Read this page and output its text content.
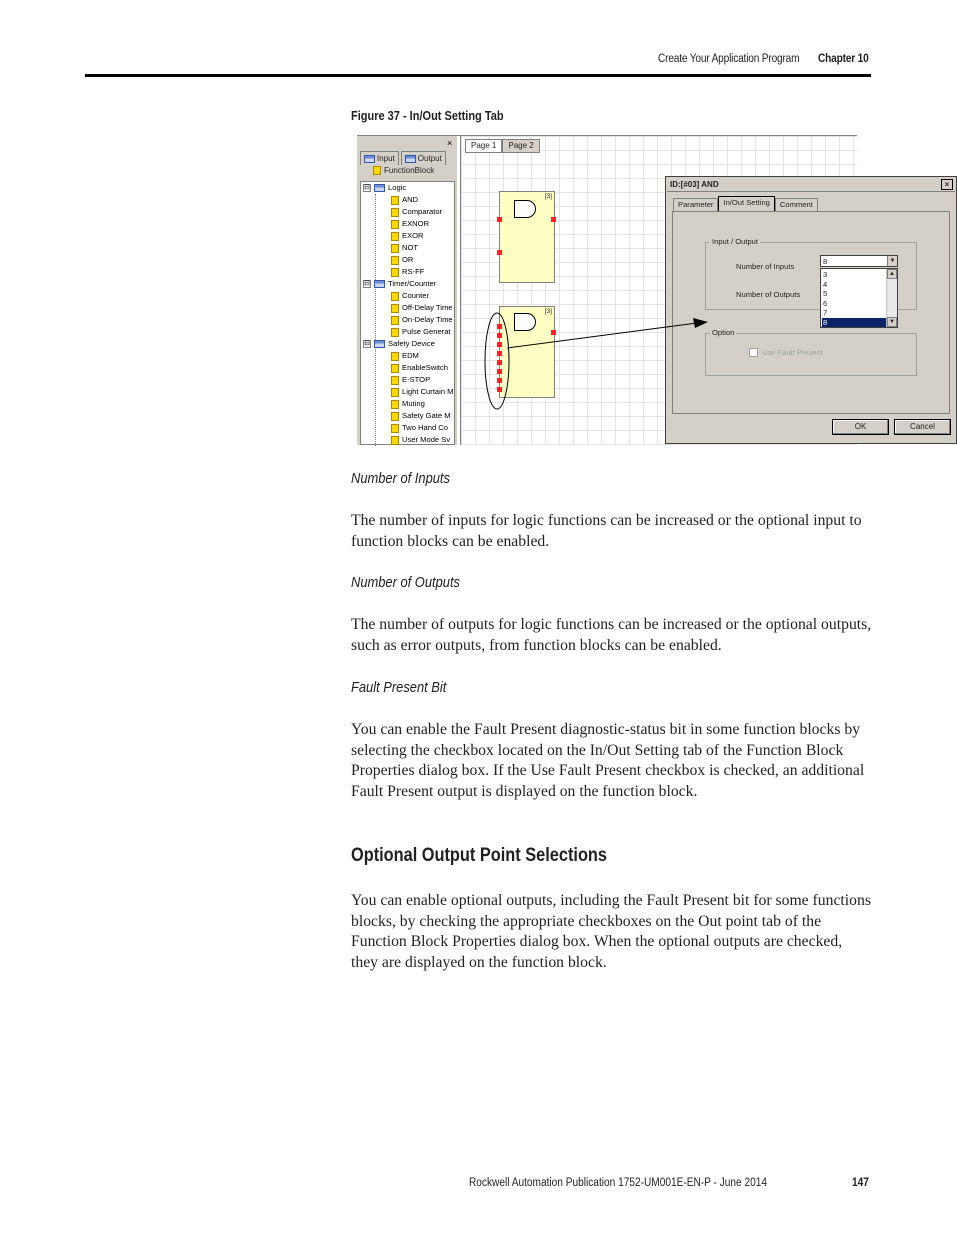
Create Your Application Program Chapter 10
Figure 37 - In/Out Setting Tab
×
Input	Output
FunctionBlock
⊟ Logic
AND
Comparator
EXNOR
EXOR
NOT
OR
RS-FF
⊟ Timer/Counter
Counter
Off-Delay Time
On-Delay Time
Pulse Generat
⊟ Safety Device
EDM
EnableSwitch
E-STOP
Light Curtain M
Muting
Safety Gate M
Two Hand Co
User Mode Sv
Page 1	Page 2
[3]
[3]
ID:[#03] AND	×
Parameter	In/Out Setting	Comment
Input / Output
Number of Inputs
Number of Outputs
8	▼
3
4
5
6
7
8
▲
▼
Option
Use Fault Present
OK	Cancel
Number of Inputs
The number of inputs for logic functions can be increased or the optional input to function blocks can be enabled.
Number of Outputs
The number of outputs for logic functions can be increased or the optional outputs, such as error outputs, from function blocks can be enabled.
Fault Present Bit
You can enable the Fault Present diagnostic-status bit in some function blocks by selecting the checkbox located on the In/Out Setting tab of the Function Block Properties dialog box. If the Use Fault Present checkbox is checked, an additional Fault Present output is displayed on the function block.
Optional Output Point Selections
You can enable optional outputs, including the Fault Present bit for some functions blocks, by checking the appropriate checkboxes on the Out point tab of the Function Block Properties dialog box. When the optional outputs are checked, they are displayed on the function block.
Rockwell Automation Publication 1752-UM001E-EN-P - June 2014	147
